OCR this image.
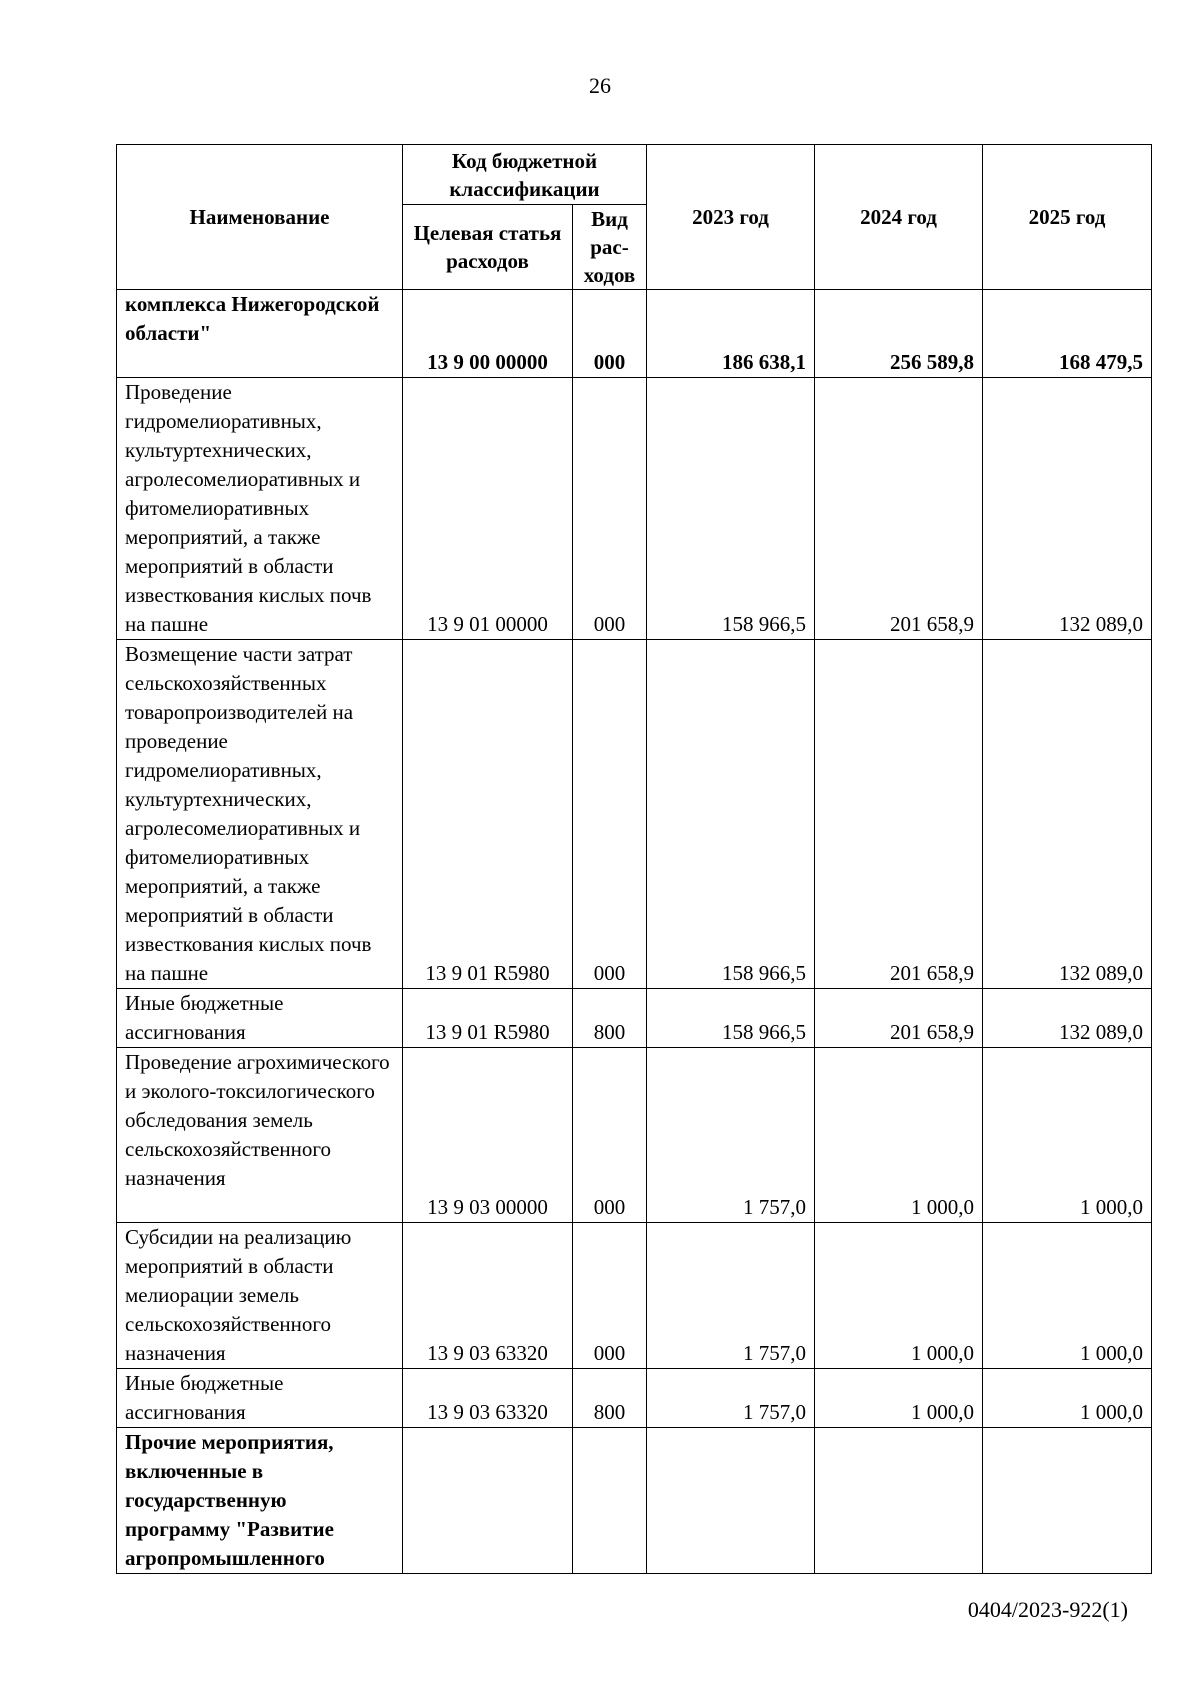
26
Наименование	Код бюджетной классификации		2023 год	2024 год	2025 год
	Целевая статья расходов	Вид рас-ходов			
комплекса Нижегородской области"	13 9 00 00000	000	186 638,1	256 589,8	168 479,5
Проведение гидромелиоративных, культуртехнических, агролесомелиоративных и фитомелиоративных мероприятий, а также мероприятий в области известкования кислых почв на пашне	13 9 01 00000	000	158 966,5	201 658,9	132 089,0
Возмещение части затрат сельскохозяйственных товаропроизводителей на проведение гидромелиоративных, культуртехнических, агролесомелиоративных и фитомелиоративных мероприятий, а также мероприятий в области известкования кислых почв на пашне	13 9 01 R5980	000	158 966,5	201 658,9	132 089,0
Иные бюджетные ассигнования	13 9 01 R5980	800	158 966,5	201 658,9	132 089,0
Проведение агрохимического и эколого-токсилогического обследования земель сельскохозяйственного назначения	13 9 03 00000	000	1 757,0	1 000,0	1 000,0
Субсидии на реализацию мероприятий в области мелиорации земель сельскохозяйственного назначения	13 9 03 63320	000	1 757,0	1 000,0	1 000,0
Иные бюджетные ассигнования	13 9 03 63320	800	1 757,0	1 000,0	1 000,0
Прочие мероприятия, включенные в государственную программу "Развитие агропромышленного					
0404/2023-922(1)
